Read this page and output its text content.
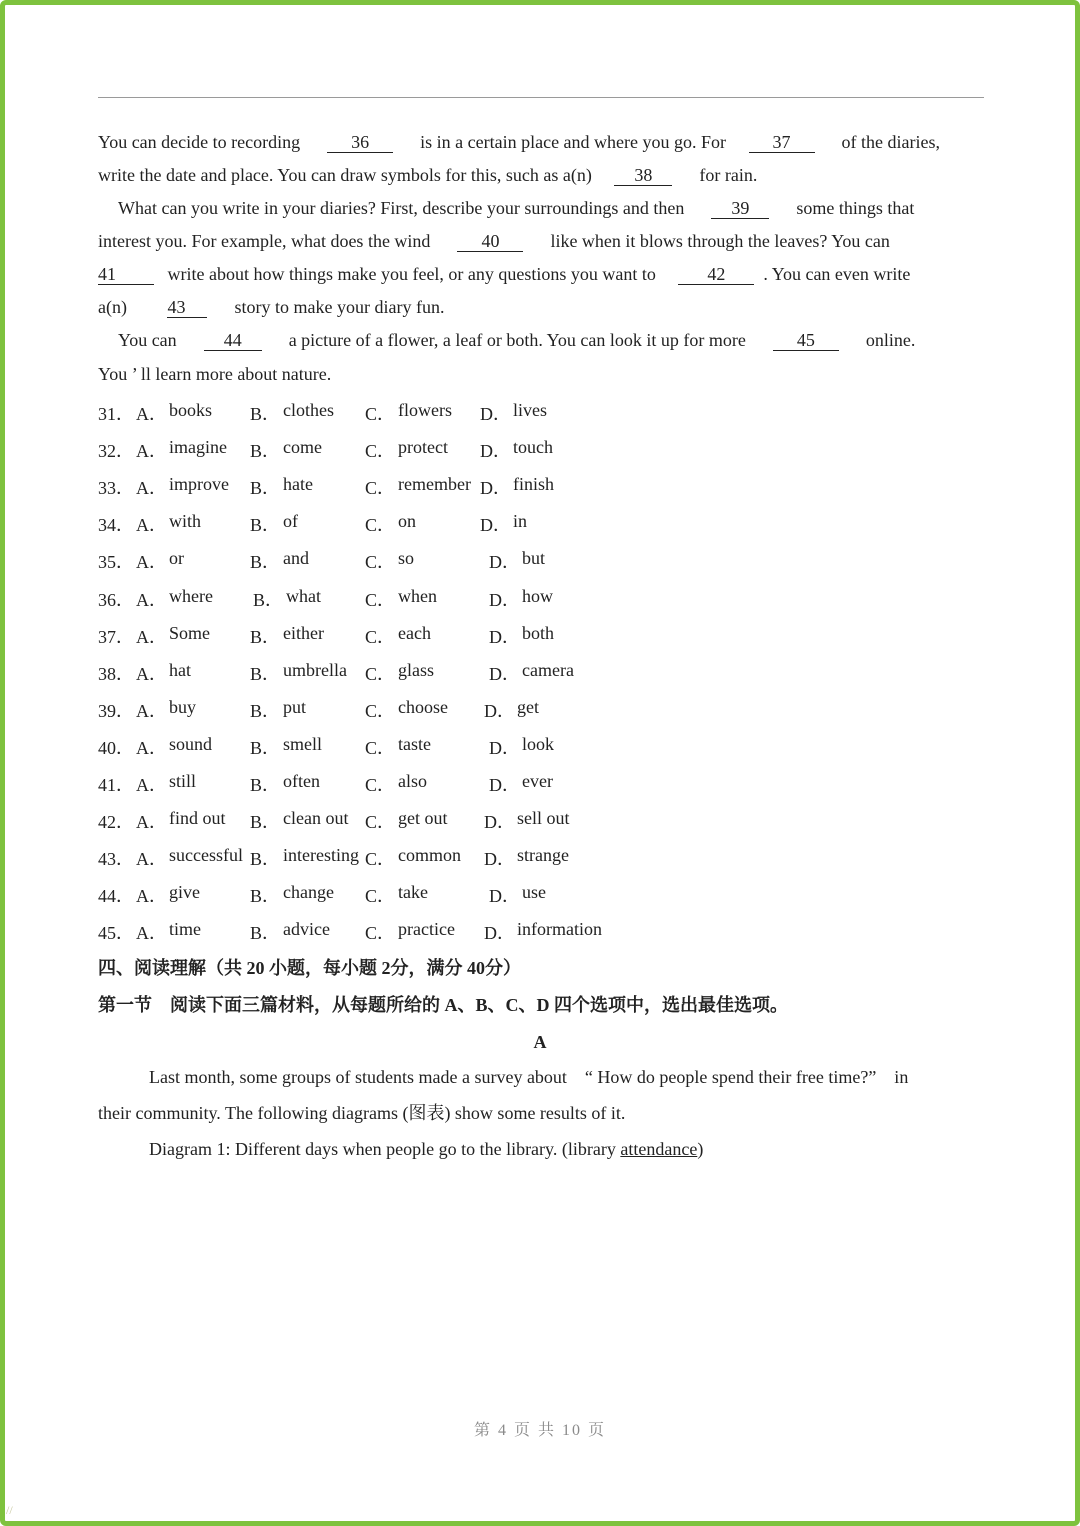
You can decide to recording	36	is in a certain place and where you go. For	37	of the diaries,
write the date and place. You can draw symbols for this, such as a(n) 38	for rain.
What can you write in your diaries? First, describe your surroundings and then	39	some things that
interest you. For example, what does the wind	40	like when it blows through the leaves? You can
41	write about how things make you feel, or any questions you want to	42 . You can even write
a(n) 43	story to make your diary fun.
You can	44	a picture of a flower, a leaf or both. You can look it up for more	45	online.
You ’ ll learn more about nature.
31． A． books B． clothes C． flowers D． lives
32． A． imagine B． come C． protect D． touch
33． A． improve B． hate	C． remember D． finish
34． A． with	B． of	C． on	D． in
35． A． or	B． and	C． so	D． but
36． A． where B． what C． when	D． how
37． A． Some B． either C． each	D． both
38． A． hat	B． umbrella C． glass	D． camera
39． A． buy	B． put	C． choose D． get
40． A． sound B． smell C． taste	D． look
41． A． still	B． often	C． also	D． ever
42． A． find out B． clean out C． get out D． sell out
43． A． successful B． interesting C． common D． strange
44． A． give	B． change C． take	D． use
45． A． time	B． advice C． practice D． information
四、阅读理解（共 20 小题，每小题 2分，满分 40分）
第一节　阅读下面三篇材料，从每题所给的 A、B、C、D 四个选项中，选出最佳选项。
A
Last month, some groups of students made a survey about　“ How do people spend their free time?”　in
their community. The following diagrams (图表) show some results of it.
Diagram 1: Different days when people go to the library. (library attendance)
第 4 页 共 10 页
//
